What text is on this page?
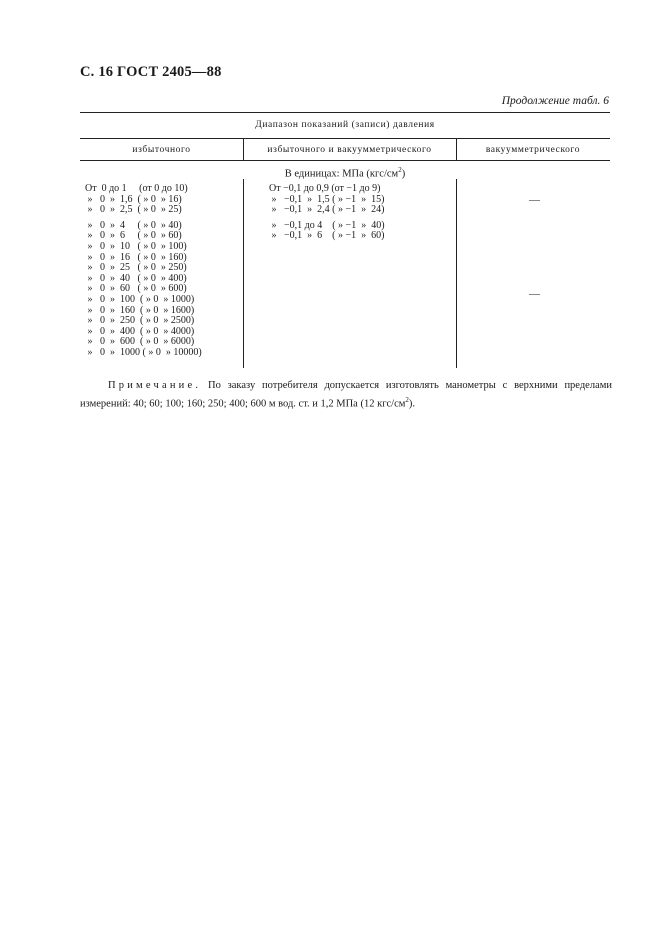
С. 16 ГОСТ 2405—88
Продолжение табл. 6
Диапазон показаний (записи) давления
избыточного	избыточного и вакуумметрического	вакуумметрического
В единицах: МПа $(кгс/см^2)$
От  0 до 1     (от 0 до 10)
»   0  »  1,6  ( » 0  » 16)
»   0  »  2,5  ( » 0  » 25)
»   0  »  4     ( » 0  » 40)
»   0  »  6     ( » 0  » 60)
»   0  »  10   ( » 0  » 100)
»   0  »  16   ( » 0  » 160)
»   0  »  25   ( » 0  » 250)
»   0  »  40   ( » 0  » 400)
»   0  »  60   ( » 0  » 600)
»   0  »  100  ( » 0  » 1000)
»   0  »  160  ( » 0  » 1600)
»   0  »  250  ( » 0  » 2500)
»   0  »  400  ( » 0  » 4000)
»   0  »  600  ( » 0  » 6000)
»   0  »  1000 ( » 0  » 10000)
От −0,1 до 0,9 (от −1 до 9)
»   −0,1  »  1,5 ( » −1  »  15)
»   −0,1  »  2,4 ( » −1  »  24)
»   −0,1 до 4    ( » −1  »  40)
»   −0,1  »  6    ( » −1  »  60)
—
—
Примечание. По заказу потребителя допускается изготовлять манометры с верхними пределами измерений: 40; 60; 100; 160; 250; 400; 600 м вод. ст. и 1,2 МПа (12 кгс/$см^2$).
